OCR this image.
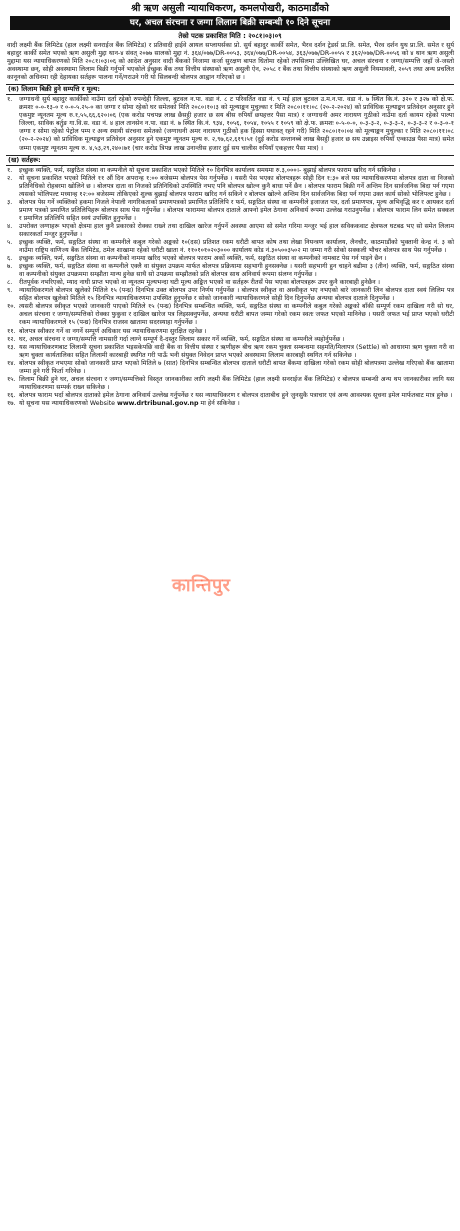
श्री ऋण असुली न्यायाधिकरण, कमलपोखरी, काठमाडौंको
घर, अचल संरचना र जग्गा लिलाम बिक्री सम्बन्धी १० दिने सूचना
तेस्रो पटक प्रकाशित मिति : २०८१।०३।०९
वादी लक्ष्मी बैंक लिमिटेड (हाल लक्ष्मी सनराईज बैंक लिमिटेड) र प्रतिवादी हाईवे आयल सप्लायर्सका प्रो. सुर्य बहादुर कार्की समेत, भैरव दर्शन ट्रेडर्स प्रा.लि. समेत, भैरव दर्शन युथ प्रा.लि. समेत र सुर्य बहादुर कार्की समेत भएको ऋण असुली मुद्दा थान-४ संवत् २०७७ सालको मुद्दा नं. ३६४/०७७/DR-००५३, ३६४/०७७/DR-००५४, ३६३/०७७/DR-००५५ र ३६२/०७७/DR-००५६ को ४ थान ऋण असुली मुद्दामा यस न्यायाधिकरणको मिति २०८१।०३।०६ को आदेश अनुसार वादी बैंकको निजामा कर्जा सुरक्षण बापत धितोमा रहेको तपसिलमा उल्लिखित घर, अचल संरचना र जग्गा/सम्पत्ति जहाँ जे-जस्तो अवस्थामा छन्, सोही अवस्थामा लिलाम बिक्री गर्नुपर्ने भएकोले ईच्छुक बैंक तथा वित्तीय संस्थाको ऋण असुली ऐन, २०५८ र बैंक तथा वित्तीय संस्थाको ऋण असुली नियमावली, २०५९ तथा अन्य प्रचलित कानूनको अधिनमा रही देहायका सर्तहरू पालना गर्ने/गराउने गरी यो सिलबन्दी बोलपत्र आह्वान गरिएको छ ।
(क) लिलाम बिक्री हुने सम्पत्ति र मूल्य:
१.	जग्गाधनी सुर्य बहादुर कार्कीको नाउँमा दर्ता रहेको रुपन्देही जिल्ला, बुटवल न.पा. वडा नं. ८ ट परिवर्तित वडा नं. ९ मई हाल बुटवल उ.म.न.पा. वडा नं. ७ स्थित कि.नं. ३२० र ३२७ को क्षे.फ. क्रमशः ०-०-१३-० र ०-०-५.२५-० का जग्गा र सोमा रहेको घर समेतको मिति २०८०।१०।३ को मूल्याङ्कन मुचुल्का र मिति २०८०।११।०८ (२०-२-२०२४) को प्राविधिक मूल्याङ्कन प्रतिवेदन अनुसार हुने एकमुष्ट न्यूनतम मूल्य रु.१,५५,६६,६२०।०६ (एक करोड पचपन्न लाख छैसट्ठी हजार छ सय बीस रुपियाँ छयहत्तर पैसा मात्र) र जग्गाधनी अमर नारायण गुठीको नाउँमा दर्ता कायम रहेको पाल्पा जिल्ला, साविक बर्तुङ गा.वि.स. वडा नं. ४ हाल तानसेन न.पा. वडा नं. ७ स्थित कि.नं. ९३४, १०५६, १०५४, १०५५ र १०५९ को क्षे.फ. क्रमशः ०-५-०-०, ०-३-३-२, ०-३-३-२, ०-३-३-२ र ०-३-०-१ जग्गा र सोमा रहेको पेट्रोल पम्प र अन्य स्थायी संरचना समेतको (जग्गाधनी अमर नारायण गुठीको हक हिस्सा यथावत् रहने गरी) मिति २०८०।१०।०४ को मूल्याङ्कन मुचुल्का र मिति २०८०।११।०८ (२०-२-२०२४) को प्राविधिक मूल्याङ्कन प्रतिवेदन अनुसार हुने एकमुष्ट न्यूनतम मूल्य रु. २,९७,६२,६१९।५१ (दुई करोड सन्तानब्बे लाख बैसट्ठी हजार छ सय उन्नाइस रुपियाँ एन्काउन्न पैसा मात्र) समेत जम्मा एकमुष्ट न्यूनतम मूल्य रु. ४,५३,२९,२४०।७१ (चार करोड त्रिपन्न लाख उनान्तीस हजार दुई सय चालीस रुपियाँ एकहत्तर पैसा मात्र) ।
(ख) सर्तहरू:
१.	इच्छुक व्यक्ति, फर्म, सङ्गठित संस्था वा कम्पनीले यो सूचना प्रकाशित भएको मितिले १० दिनभित्र कार्यालय समयमा रु.३,०००।- बुझाई बोलपत्र फाराम खरिद गर्न सकिनेछ ।
२.	यो सूचना प्रकाशित भएको मितिले ११ औं दिन अपरान्ह १:०० बजेसम्म बोलपत्र पेस गर्नुपर्नेछ । यसरी पेस भएका बोलपत्रहरू सोही दिन १:३० बजे यस न्यायाधिकरणमा बोलपत्र दाता वा निजको प्रतिनिधिको रोहबरमा खोलिने छ । बोलपत्र दाता वा निजको प्रतिनिधिको उपस्थिति नभए पनि बोलपत्र खोल्न कुनै बाधा पर्ने छैन । बोलपत्र फाराम बिक्री गर्ने अन्तिम दिन सार्वजनिक बिदा पर्न गएमा त्यसको भोलिपल्ट मध्यान्ह १२:०० बजेसम्म तोकिएको शुल्क बुझाई बोलपत्र फाराम खरिद गर्न सकिने र बोलपत्र खोल्ने अन्तिम दिन सार्वजनिक बिदा पर्न गएमा उक्त कार्य सोको भोलिपल्ट हुनेछ ।
३.	बोलपत्र पेस गर्ने व्यक्तिको हकमा निजले नेपाली नागरिकताको प्रमाणपत्रको प्रमाणित प्रतिलिपि र फर्म, सङ्गठित संस्था वा कम्पनीले इजाजत पत्र, दर्ता प्रमाणपत्र, मूल्य अभिवृद्धि कर र आयकर दर्ता प्रमाण पत्रको प्रमाणित प्रतिलिपिहरू बोलपत्र साथ पेस गर्नुपर्नेछ । बोलपत्र फाराममा बोलपत्र दाताले आफ्नो इमेल ठेगाना अनिवार्य रूपमा उल्लेख गराउनुपर्नेछ । बोलपत्र फाराम लिन समेत सक्कल र प्रमाणित प्रतिलिपि सहित स्वयं उपस्थित हुनुपर्नेछ ।
४.	उपरोक्त जग्गाहरू भएको क्षेत्रमा हाल कुनै प्रकारको रोक्का राख्ने तथा दाखिल खारेज गर्नुपर्ने अवस्था आएमा सो समेत गरिमा मन्जुर भई हाल सविककवाट क्षेत्रफल घटबढ भए सो समेत लिलाम सकारकर्ता मन्जुर हुनुपर्नेछ ।
५.	इच्छुक व्यक्ति, फर्म, सङ्गठित संस्था वा कम्पनीले कबुल गरेको अङ्कको १०(दस) प्रतिशत रकम धरौटी बापत कोष तथा लेखा नियन्त्रण कार्यालय, लैनचौर, काठमाडौंको भुक्तानी केन्द्र नं. ३ को नाउँमा राष्ट्रिय वाणिज्य बैंक लिमिटेड, ठमेल शाखामा रहेको धरौटी खाता नं. ११०१०१०२०३००० कार्यालय कोड नं.३०५००३५०२ मा जम्मा गरी सोको सक्कली भौचर बोलपत्र साथ पेस गर्नुपर्नेछ ।
६.	इच्छुक व्यक्ति, फर्म, सङ्गठित संस्था वा कम्पनीको नाममा खरिद भएको बोलपत्र फाराम अर्को व्यक्ति, फर्म, सङ्गठित संस्था वा कम्पनीको नामबाट पेस गर्न पाइने छैन ।
७.	इच्छुक व्यक्ति, फर्म, सङ्गठित संस्था वा कम्पनीले एक्लै वा संयुक्त उपक्रम मार्फत बोलपत्र प्रक्रियामा सहभागी हुनसक्नेछ । यसरी सहभागी हुन चाहने बढीमा ३ (तीन) व्यक्ति, फर्म, सङ्गठित संस्था वा कम्पनीको संयुक्त उपक्रममा सम्झौता मान्य हुनेछ साथै सो उपक्रमा सम्झौतको प्रति बोलपत्र साथ अनिवार्य रूपमा संलग्न गर्नुपर्नेछ ।
८.	रीतपूर्वक नभरिएको, म्याद नाघी प्राप्त भएको वा न्यूनतम मूल्यभन्दा घटी मूल्य अङ्कित भएको वा सर्तहरू रीतसँ पेस भएका बोलपत्रहरू उपर कुनै कारबाही हुनेछैन ।
९.	न्यायाधिकरणले बोलपत्र खुलेको मितिले १५ (पन्ध्र) दिनभित्र उक्त बोलपत्र उपर निर्णय गर्नुपर्नेछ । बोलपत्र स्वीकृत वा अस्वीकृत भए नभएको बारे जानकारी लिन बोलपत्र दाता स्वयं लिलिम पत्र सहित बोलपत्र खुलेको मितिले १५ दिनभित्र न्यायाधिकरणमा उपस्थित हुनुपर्नेछ र सोको जानकारी न्यायाधिकरणले सोही दिन दिनुपर्नेछ अन्यथा बोलपत्र दाताले दिनुपर्नेछ ।
१०. त्यसरी बोलपत्र स्वीकृत भएको जानकारी पाएको मितिले १५ (पन्ध्र) दिनभित्र सम्बन्धित व्यक्ति, फर्म, सङ्गठित संस्था वा कम्पनीले कबुल गरेको अङ्कको बाँकी सम्पूर्ण रकम दाखिला गरी सो घर, अचल संरचना र जग्गा/सम्पत्तिको रोक्का फुकुवा र दाखिल खारेज पत्र लिइसक्नुपर्नेछ, अन्यथा धरौटी बापत जम्मा गरेको रकम स्वतः जफत भएको मानिनेछ । यसरी जफत भई प्राप्त भएको धरौटी रकम न्यायाधिकरणले १५ (पन्ध्र) दिनभित्र राजस्व खातामा सदरस्याहा गर्नुपर्नेछ ।
११. बोलपत्र स्वीकार गर्ने वा नगर्ने सम्पूर्ण अधिकार यस न्यायाधिकरणमा सुरक्षित रहनेछ ।
१२. घर, अचल संरचना र जग्गा/सम्पत्ति नामसारी गर्दा लाग्ने सम्पूर्ण दै-दस्तुर लिलाम सकार गर्ने व्यक्ति, फर्म, सङ्गठित संस्था वा कम्पनीले व्यहोर्नुपर्नेछ ।
१३. यस न्यायाधिकरणबाट लिलामी सूचना प्रकाशित भइसकेपछि वादी बैंक वा वित्तीय संस्था र ऋणीहरू बीच ऋण रकम चुक्ता सम्बन्धमा सहमति/मिलापत्र (Settle) को आधारमा ऋण चुक्ता गरी वा ऋण चुक्ता कार्यतालिका सहित लिलामी कारबाही स्थगित गरी पाऊँ भनी संयुक्त निवेदन प्राप्त भएको अवस्थामा लिलाम कारबाही स्थगित गर्न सकिनेछ ।
१४. बोलपत्र स्वीकृत नभएमा सोको जानकारी प्राप्त भएको मितिले ७ (सात) दिनभित्र सम्बन्धित बोलपत्र दाताले धरौटी बापत बैंकमा दाखिला गरेको रकम सोही बोलपत्रमा उल्लेख गरिएको बैंक खातामा जम्मा हुने गरी फिर्ता गरिनेछ ।
१५. लिलाम बिक्री हुने घर, अचल संरचना र जग्गा/सम्पत्तिको विस्तृत जानकारीका लागि लक्ष्मी बैंक लिमिटेड (हाल लक्ष्मी सनराईज बैंक लिमिटेड) र बोलपत्र सम्बन्धी अन्य थप जानकारीका लागि यस न्यायाधिकरणमा सम्पर्क राख्न सकिनेछ ।
१६. बोलपत्र फाराम भर्दा बोलपत्र दाताको इमेल ठेगाना अनिवार्य उल्लेख गर्नुपर्नेछ र यस न्यायाधिकरण र बोलपत्र दाताबीच हुने जुनसुकै पत्राचार एवं अन्य आवश्यक सूचना इमेल मार्फतबाट मात्र हुनेछ ।
१७. यो सूचना यस न्यायाधिकरणको Website www.drtribunal.gov.np मा हेर्न सकिनेछ ।
कान्तिपुर
